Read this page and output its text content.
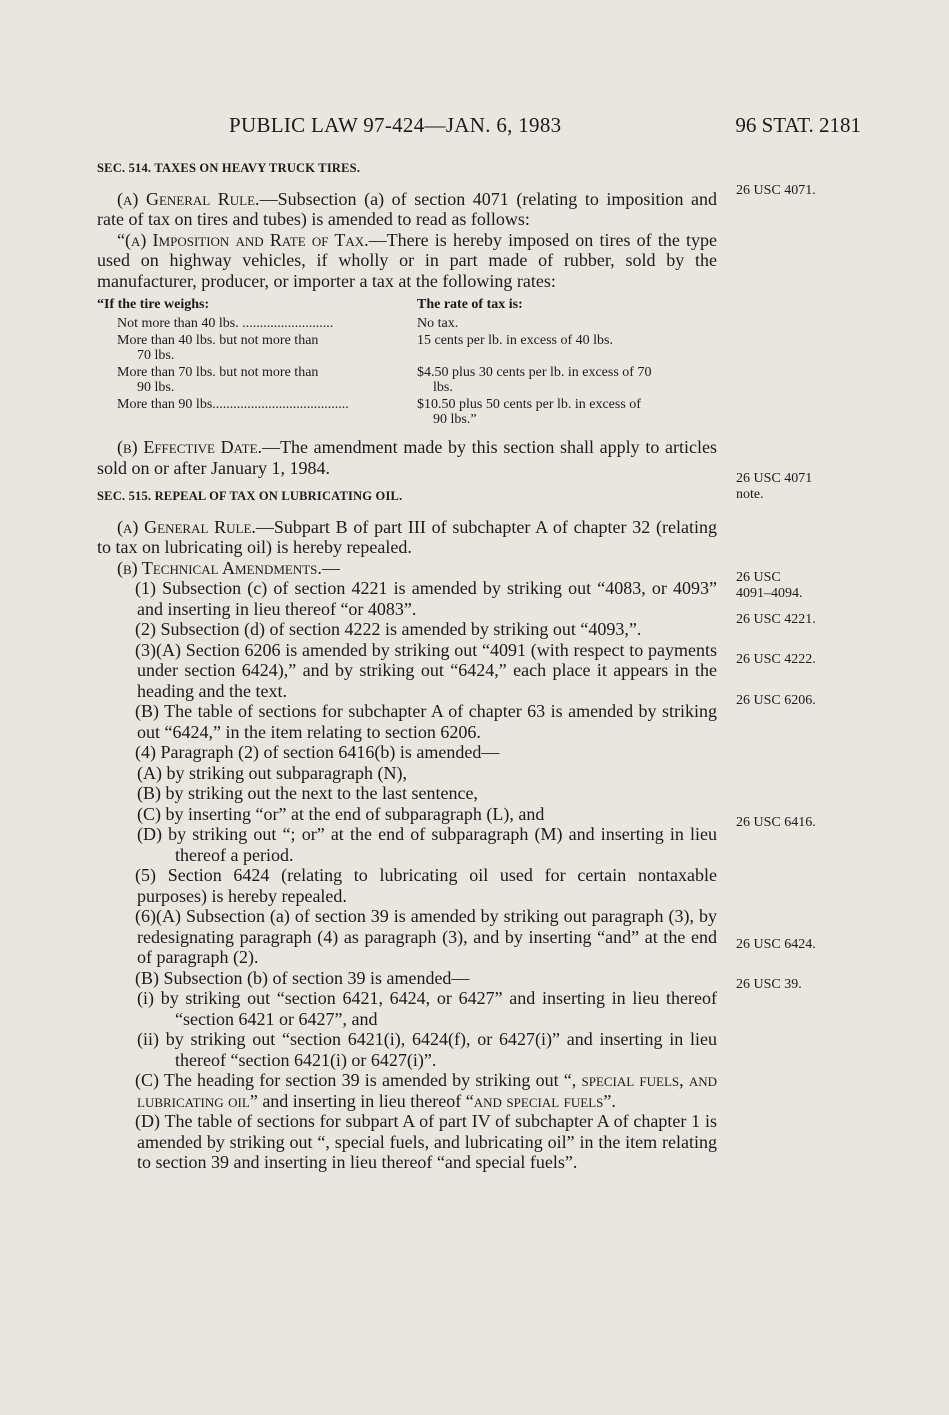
PUBLIC LAW 97-424—JAN. 6, 1983	96 STAT. 2181
SEC. 514. TAXES ON HEAVY TRUCK TIRES.

(a) General Rule.—Subsection (a) of section 4071 (relating to imposition and rate of tax on tires and tubes) is amended to read as follows:

“(a) Imposition and Rate of Tax.—There is hereby imposed on tires of the type used on highway vehicles, if wholly or in part made of rubber, sold by the manufacturer, producer, or importer a tax at the following rates:

“If the tire weighs:	The rate of tax is:
Not more than 40 lbs. ..........................	No tax.
More than 40 lbs. but not more than
70 lbs.	15 cents per lb. in excess of 40 lbs.
More than 70 lbs. but not more than
90 lbs.	$4.50 plus 30 cents per lb. in excess of 70
lbs.

More than 90 lbs.......................................	$10.50 plus 50 cents per lb. in excess of
90 lbs.”

(b) Effective Date.—The amendment made by this section shall apply to articles sold on or after January 1, 1984.

SEC. 515. REPEAL OF TAX ON LUBRICATING OIL.

(a) General Rule.—Subpart B of part III of subchapter A of chapter 32 (relating to tax on lubricating oil) is hereby repealed.

(b) Technical Amendments.—

(1) Subsection (c) of section 4221 is amended by striking out “4083, or 4093” and inserting in lieu thereof “or 4083”.

(2) Subsection (d) of section 4222 is amended by striking out “4093,”.

(3)(A) Section 6206 is amended by striking out “4091 (with respect to payments under section 6424),” and by striking out “6424,” each place it appears in the heading and the text.

(B) The table of sections for subchapter A of chapter 63 is amended by striking out “6424,” in the item relating to section 6206.

(4) Paragraph (2) of section 6416(b) is amended—

(A) by striking out subparagraph (N),

(B) by striking out the next to the last sentence,

(C) by inserting “or” at the end of subparagraph (L), and

(D) by striking out “; or” at the end of subparagraph (M) and inserting in lieu thereof a period.

(5) Section 6424 (relating to lubricating oil used for certain nontaxable purposes) is hereby repealed.

(6)(A) Subsection (a) of section 39 is amended by striking out paragraph (3), by redesignating paragraph (4) as paragraph (3), and by inserting “and” at the end of paragraph (2).

(B) Subsection (b) of section 39 is amended—

(i) by striking out “section 6421, 6424, or 6427” and inserting in lieu thereof “section 6421 or 6427”, and

(ii) by striking out “section 6421(i), 6424(f), or 6427(i)” and inserting in lieu thereof “section 6421(i) or 6427(i)”.

(C) The heading for section 39 is amended by striking out “, special fuels, and lubricating oil” and inserting in lieu thereof “and special fuels”.

(D) The table of sections for subpart A of part IV of subchapter A of chapter 1 is amended by striking out “, special fuels, and lubricating oil” in the item relating to section 39 and inserting in lieu thereof “and special fuels”.

26 USC 4071.
26 USC 4071
note.
26 USC
4091–4094.
26 USC 4221.
26 USC 4222.
26 USC 6206.
26 USC 6416.
26 USC 6424.
26 USC 39.
